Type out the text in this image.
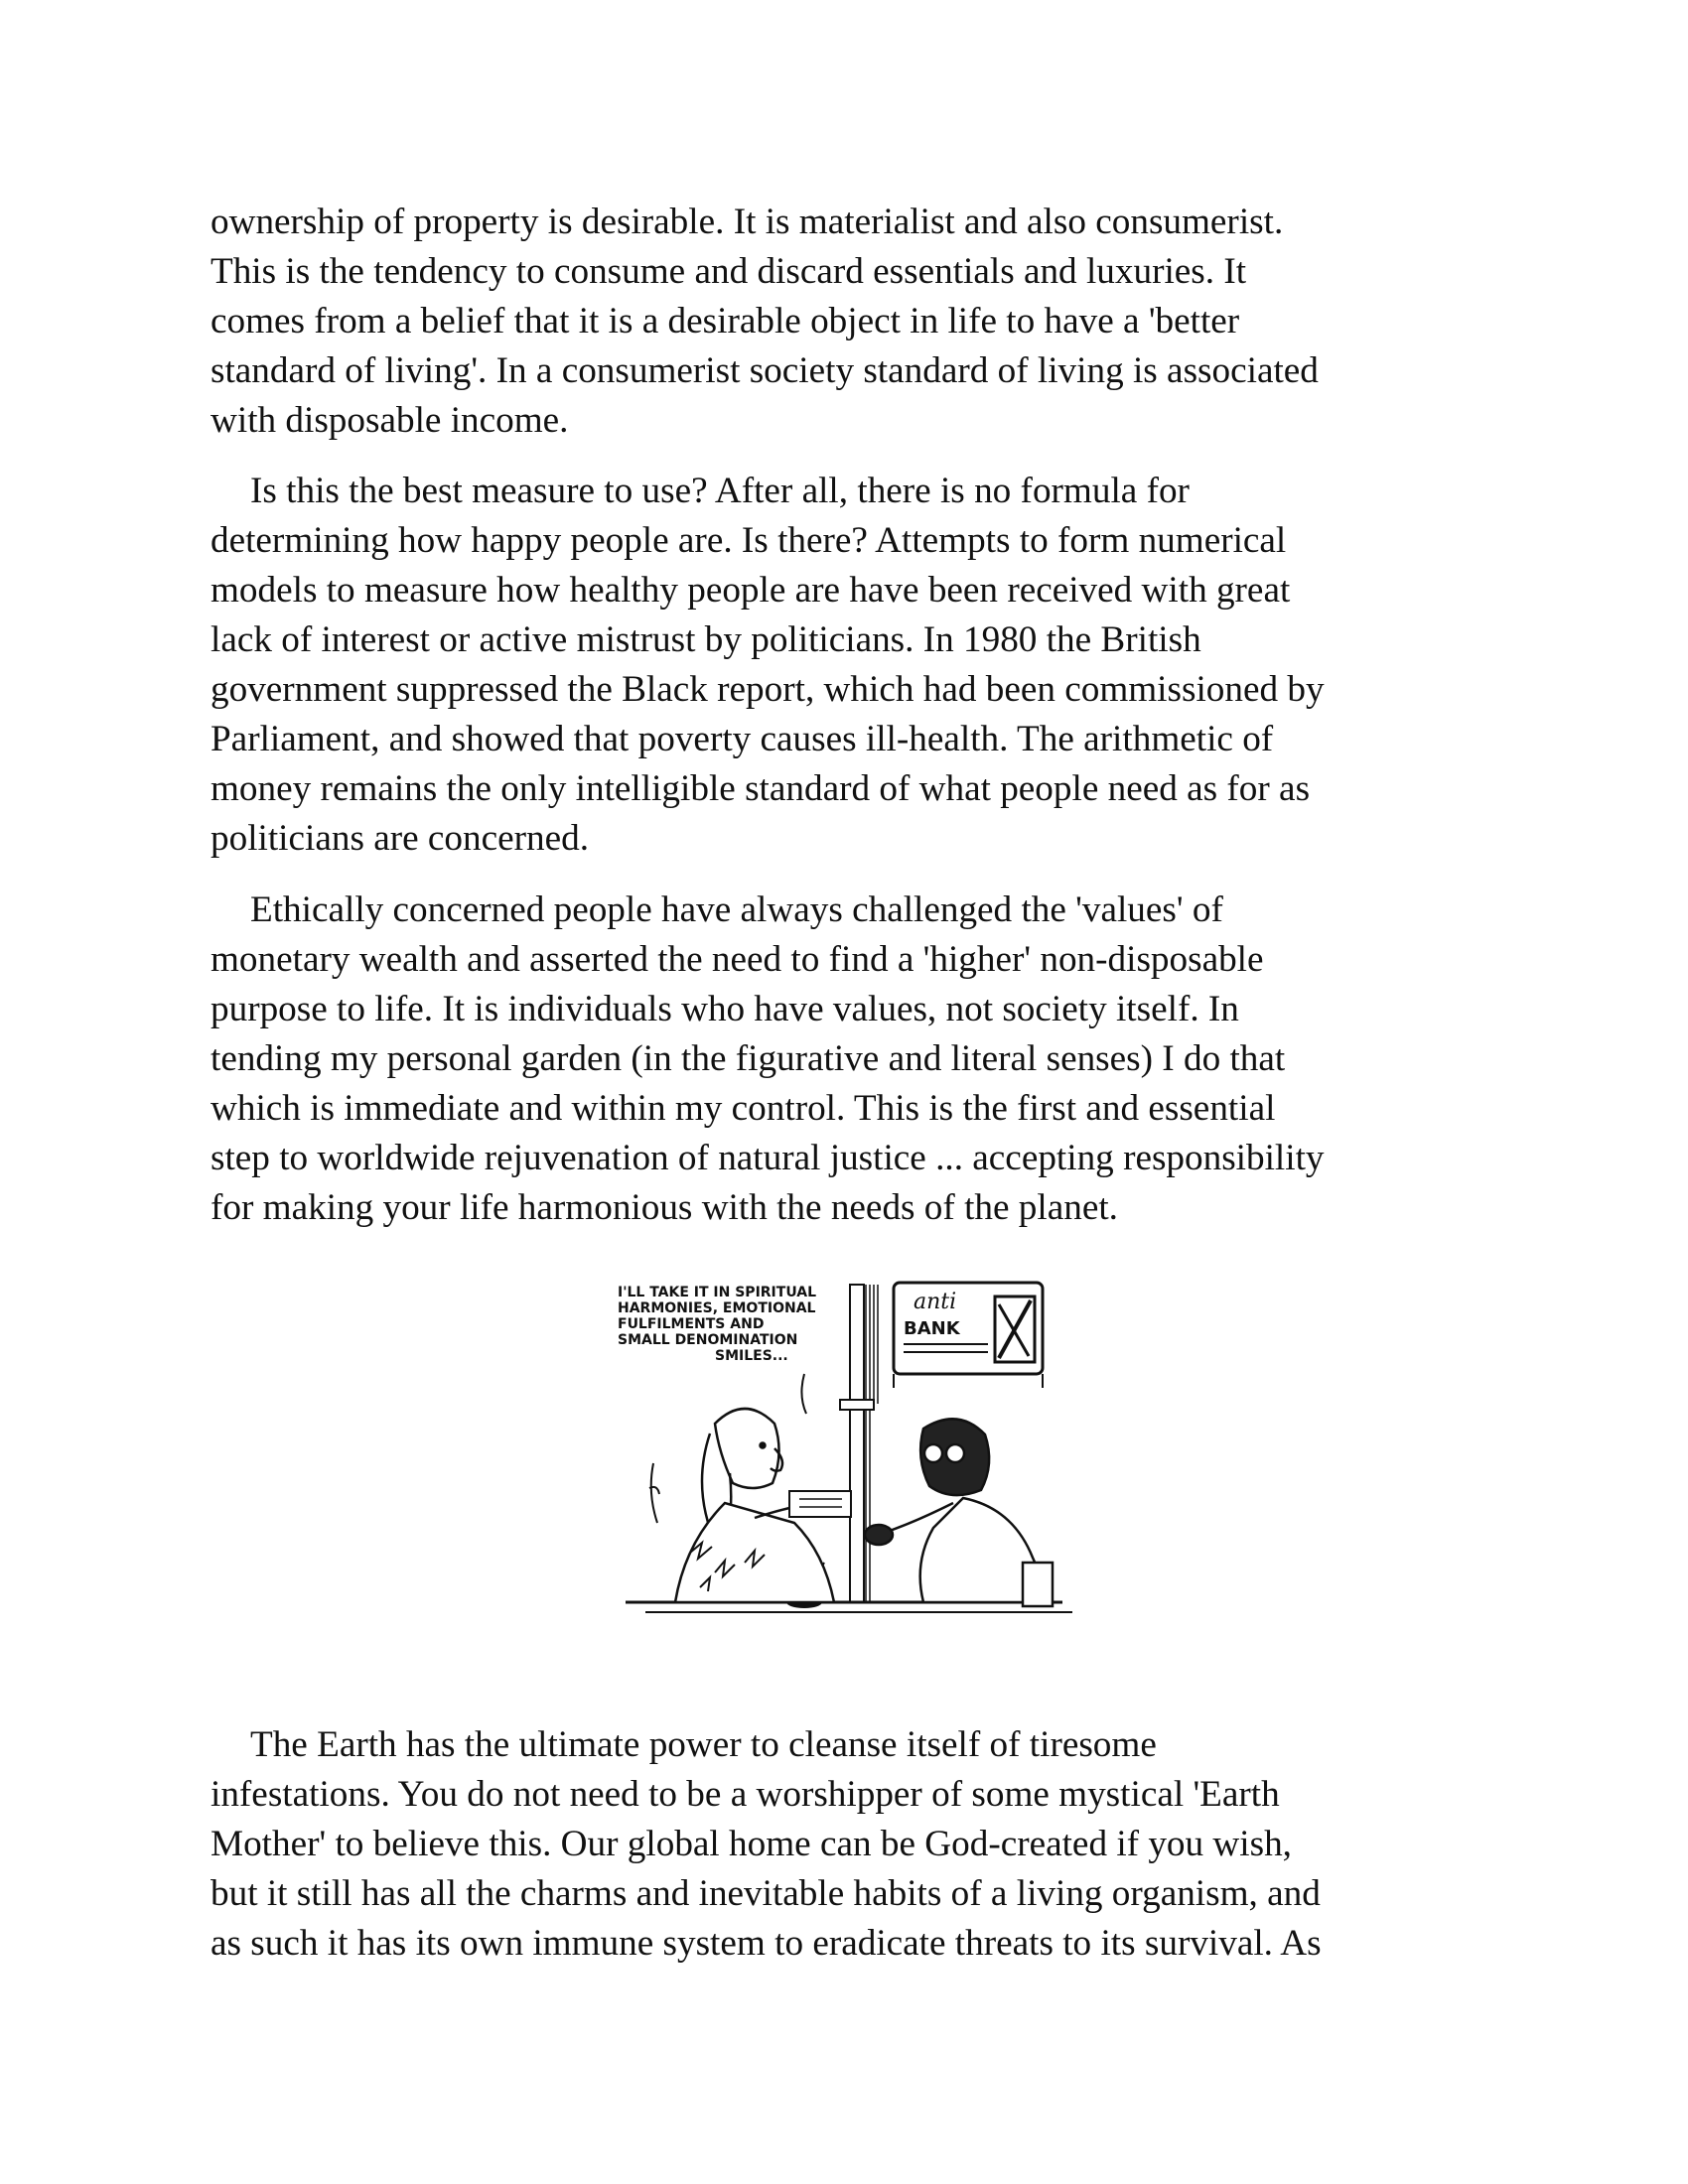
ownership of property is desirable. It is materialist and also consumerist.
This is the tendency to consume and discard essentials and luxuries. It
comes from a belief that it is a desirable object in life to have a 'better
standard of living'. In a consumerist society standard of living is associated
with disposable income.

Is this the best measure to use? After all, there is no formula for
determining how happy people are. Is there? Attempts to form numerical
models to measure how healthy people are have been received with great
lack of interest or active mistrust by politicians. In 1980 the British
government suppressed the Black report, which had been commissioned by
Parliament, and showed that poverty causes ill-health. The arithmetic of
money remains the only intelligible standard of what people need as for as
politicians are concerned.

Ethically concerned people have always challenged the 'values' of
monetary wealth and asserted the need to find a 'higher' non-disposable
purpose to life. It is individuals who have values, not society itself. In
tending my personal garden (in the figurative and literal senses) I do that
which is immediate and within my control. This is the first and essential
step to worldwide rejuvenation of natural justice ... accepting responsibility
for making your life harmonious with the needs of the planet.

I'LL TAKE IT IN SPIRITUAL
HARMONIES, EMOTIONAL
FULFILMENTS AND
SMALL DENOMINATION
SMILES...
anti
BANK

The Earth has the ultimate power to cleanse itself of tiresome
infestations. You do not need to be a worshipper of some mystical 'Earth
Mother' to believe this. Our global home can be God-created if you wish,
but it still has all the charms and inevitable habits of a living organism, and
as such it has its own immune system to eradicate threats to its survival. As
